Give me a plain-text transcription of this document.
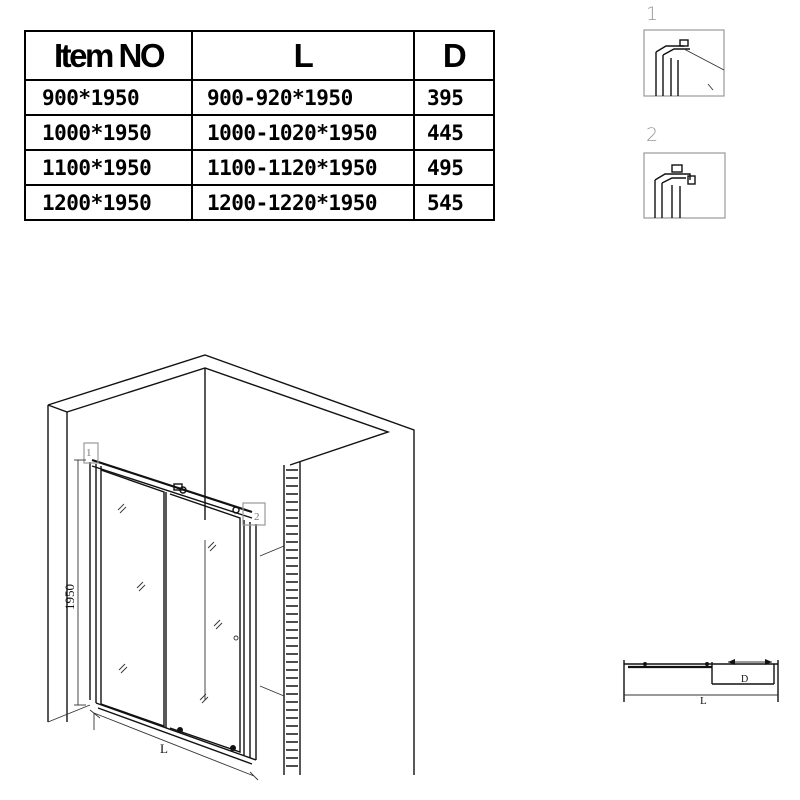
Item NO	L	D
900*1950	900-920*1950	395
1000*1950	1000-1020*1950	445
1100*1950	1100-1120*1950	495
1200*1950	1200-1220*1950	545
1
2
1
2
1950
L
D
L
